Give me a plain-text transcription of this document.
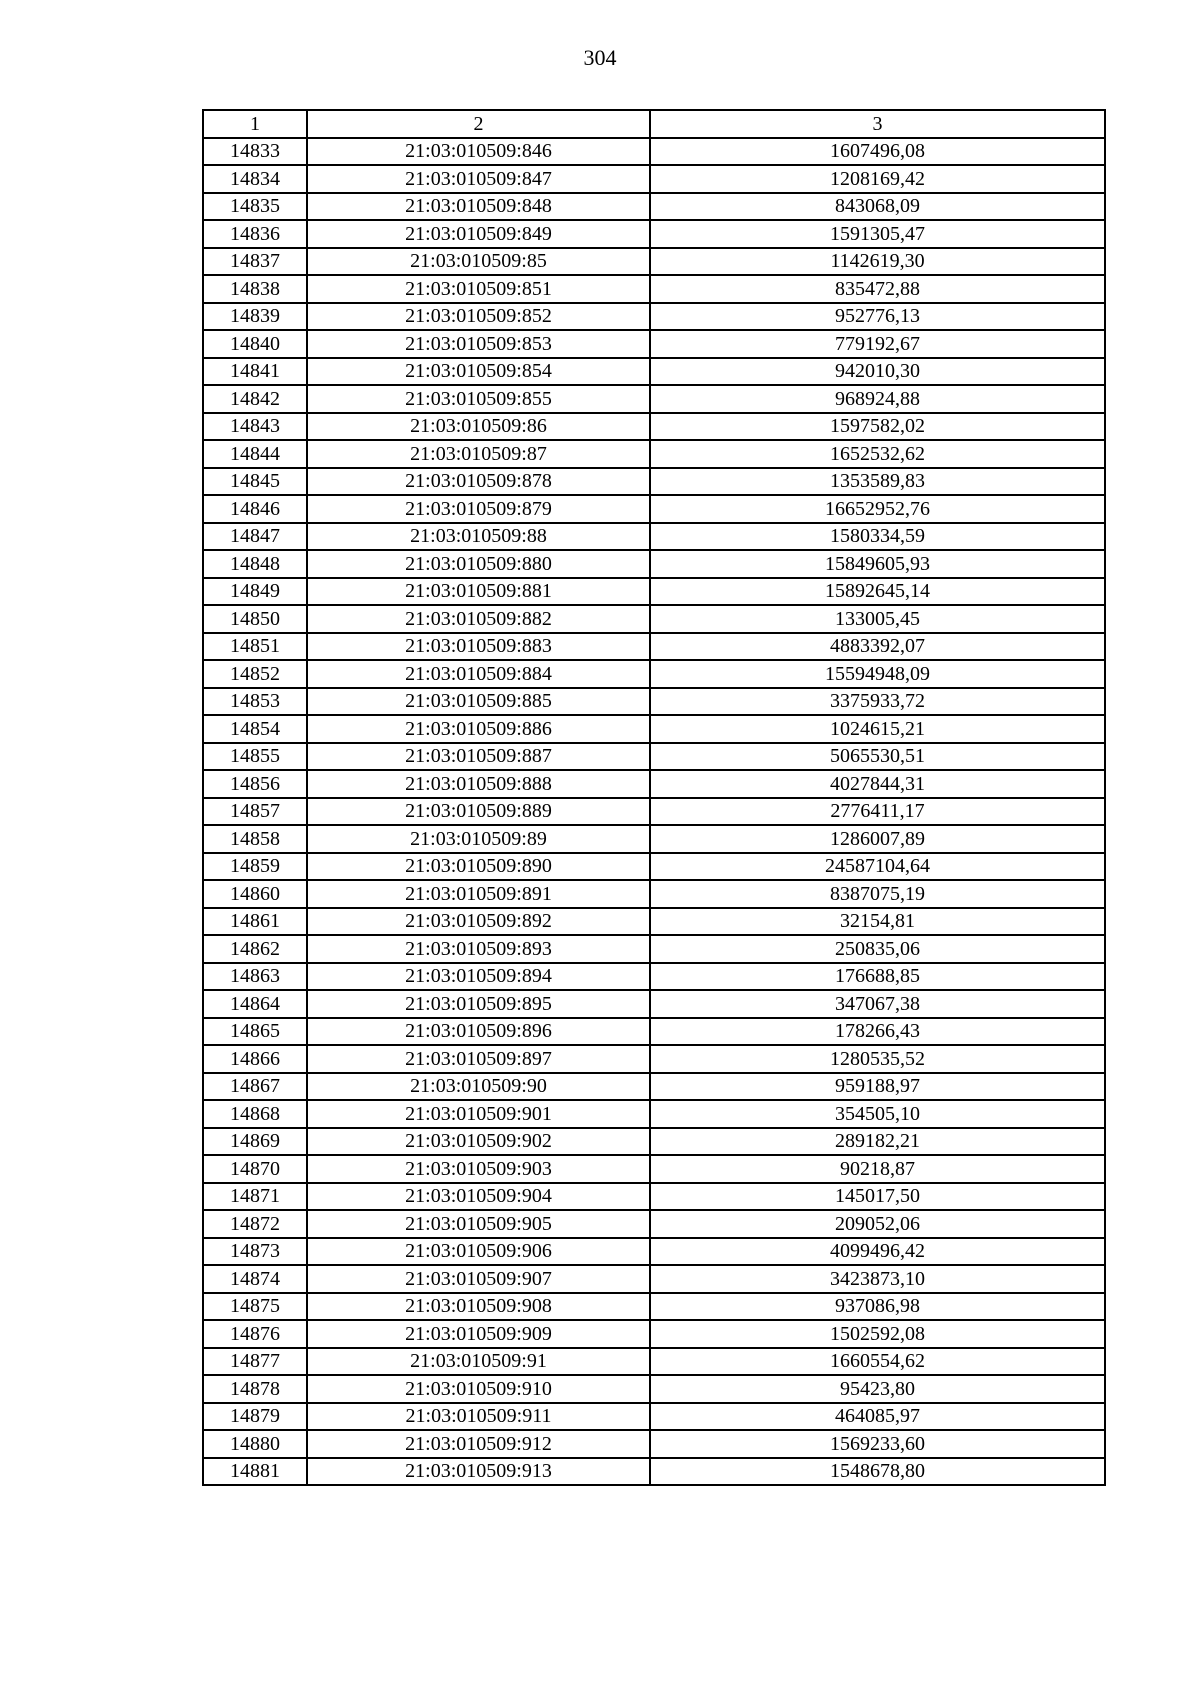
304
1	2	3
14833	21:03:010509:846	1607496,08
14834	21:03:010509:847	1208169,42
14835	21:03:010509:848	843068,09
14836	21:03:010509:849	1591305,47
14837	21:03:010509:85	1142619,30
14838	21:03:010509:851	835472,88
14839	21:03:010509:852	952776,13
14840	21:03:010509:853	779192,67
14841	21:03:010509:854	942010,30
14842	21:03:010509:855	968924,88
14843	21:03:010509:86	1597582,02
14844	21:03:010509:87	1652532,62
14845	21:03:010509:878	1353589,83
14846	21:03:010509:879	16652952,76
14847	21:03:010509:88	1580334,59
14848	21:03:010509:880	15849605,93
14849	21:03:010509:881	15892645,14
14850	21:03:010509:882	133005,45
14851	21:03:010509:883	4883392,07
14852	21:03:010509:884	15594948,09
14853	21:03:010509:885	3375933,72
14854	21:03:010509:886	1024615,21
14855	21:03:010509:887	5065530,51
14856	21:03:010509:888	4027844,31
14857	21:03:010509:889	2776411,17
14858	21:03:010509:89	1286007,89
14859	21:03:010509:890	24587104,64
14860	21:03:010509:891	8387075,19
14861	21:03:010509:892	32154,81
14862	21:03:010509:893	250835,06
14863	21:03:010509:894	176688,85
14864	21:03:010509:895	347067,38
14865	21:03:010509:896	178266,43
14866	21:03:010509:897	1280535,52
14867	21:03:010509:90	959188,97
14868	21:03:010509:901	354505,10
14869	21:03:010509:902	289182,21
14870	21:03:010509:903	90218,87
14871	21:03:010509:904	145017,50
14872	21:03:010509:905	209052,06
14873	21:03:010509:906	4099496,42
14874	21:03:010509:907	3423873,10
14875	21:03:010509:908	937086,98
14876	21:03:010509:909	1502592,08
14877	21:03:010509:91	1660554,62
14878	21:03:010509:910	95423,80
14879	21:03:010509:911	464085,97
14880	21:03:010509:912	1569233,60
14881	21:03:010509:913	1548678,80
